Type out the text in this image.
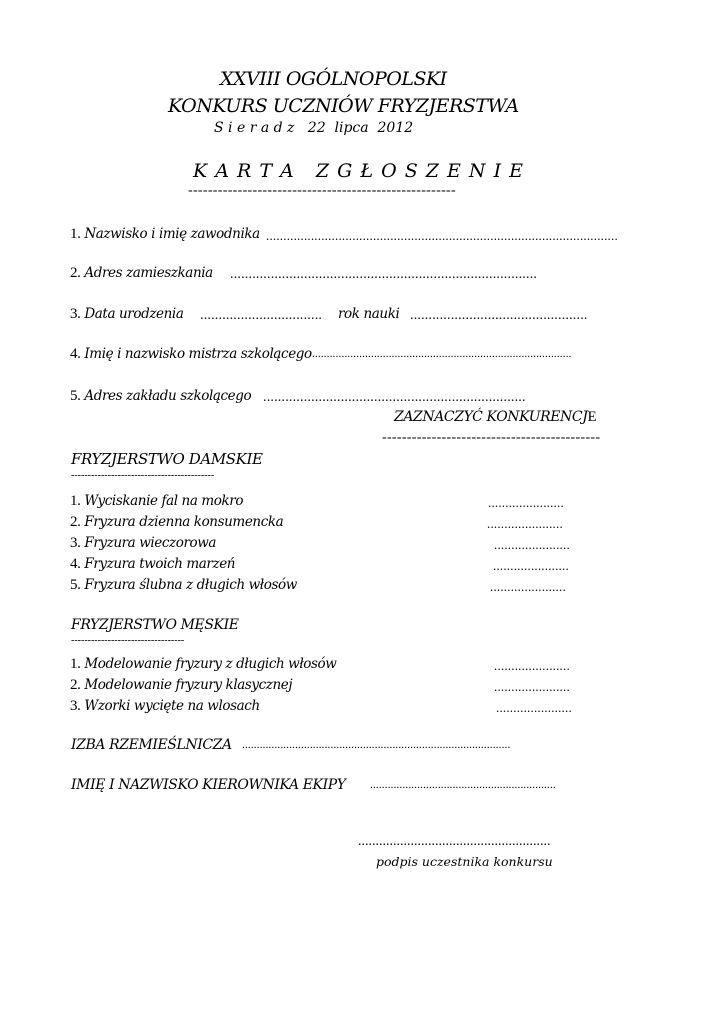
XXVIII OGÓLNOPOLSKI
KONKURS UCZNIÓW FRYZJERSTWA
S i e r a d z   22  lipca  2012
K A R T A   Z G Ł O S Z E N I E
------------------------------------------------------
1. Nazwisko i imię zawodnika ......................................................................................................
2. Adres zamieszkania ...................................................................................
3. Data urodzenia ................................. rok nauki ................................................
4. Imię i nazwisko mistrza szkolącego ........................................................................................
5. Adres zakładu szkolącego .......................................................................
ZAZNACZYĆ KONKURENCJE
--------------------------------------------
FRYZJERSTWO DAMSKIE
-------------------------------------------
1. Wyciskanie fal na mokro	......................
2. Fryzura dzienna konsumencka	......................
3. Fryzura wieczorowa	......................
4. Fryzura twoich marzeń	......................
5. Fryzura ślubna z długich włosów	......................
FRYZJERSTWO MĘSKIE
----------------------------------
1. Modelowanie fryzury z długich włosów	......................
2. Modelowanie fryzury klasycznej	......................
3. Wzorki wycięte na wlosach	......................
IZBA RZEMIEŚLNICZA ...........................................................................................
IMIĘ I NAZWISKO KIEROWNIKA EKIPY ...............................................................
.......................................................
podpis uczestnika konkursu
